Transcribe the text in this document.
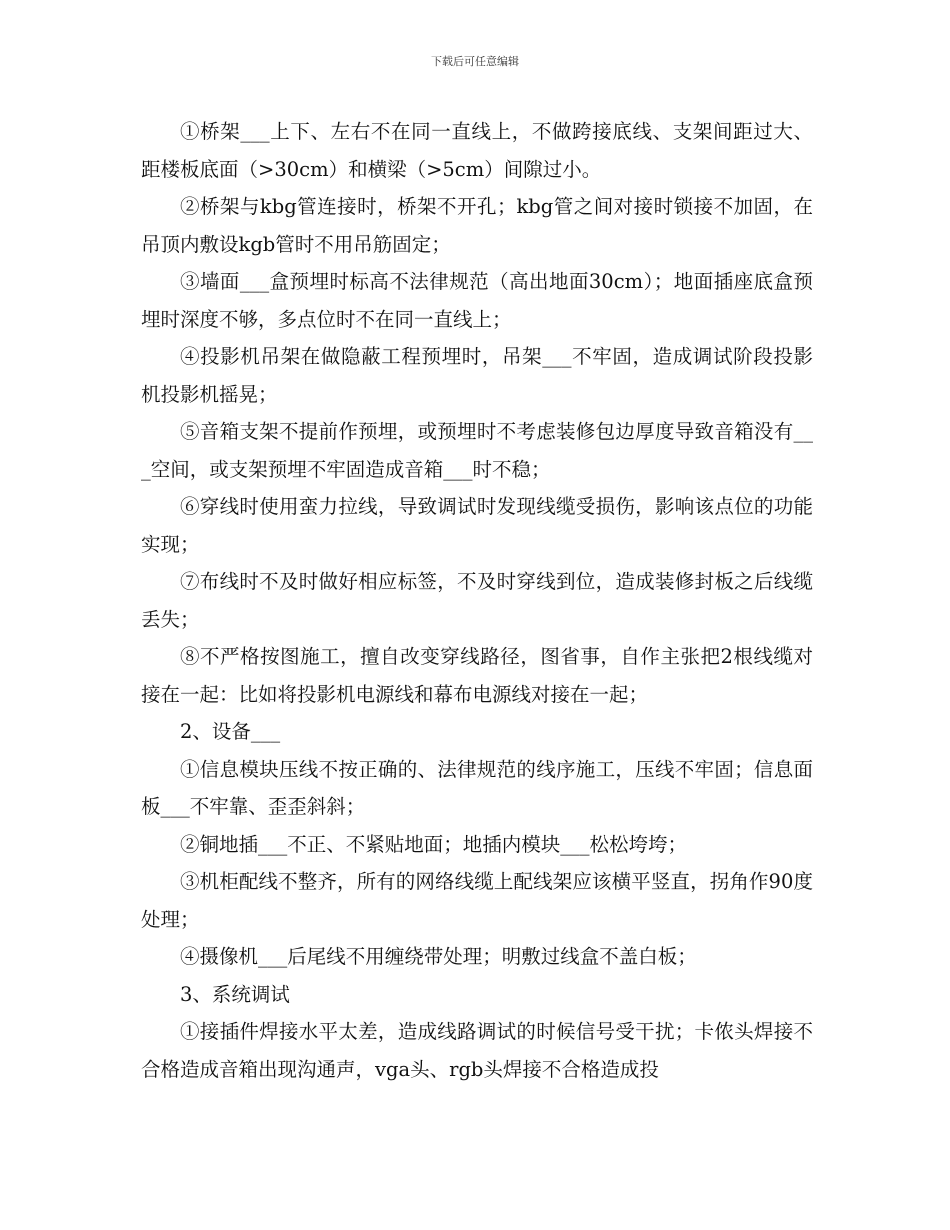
下载后可任意编辑

①桥架___上下、左右不在同一直线上，不做跨接底线、支架间距过大、距楼板底面（>30cm）和横梁（>5cm）间隙过小。

②桥架与kbg管连接时，桥架不开孔；kbg管之间对接时锁接不加固，在吊顶内敷设kgb管时不用吊筋固定；

③墙面___盒预埋时标高不法律规范（高出地面30cm）；地面插座底盒预埋时深度不够，多点位时不在同一直线上；

④投影机吊架在做隐蔽工程预埋时，吊架___不牢固，造成调试阶段投影机投影机摇晃；

⑤音箱支架不提前作预埋，或预埋时不考虑装修包边厚度导致音箱没有___空间，或支架预埋不牢固造成音箱___时不稳；

⑥穿线时使用蛮力拉线，导致调试时发现线缆受损伤，影响该点位的功能实现；

⑦布线时不及时做好相应标签，不及时穿线到位，造成装修封板之后线缆丢失；

⑧不严格按图施工，擅自改变穿线路径，图省事，自作主张把2根线缆对接在一起：比如将投影机电源线和幕布电源线对接在一起；

2、设备___

①信息模块压线不按正确的、法律规范的线序施工，压线不牢固；信息面板___不牢靠、歪歪斜斜；

②铜地插___不正、不紧贴地面；地插内模块___松松垮垮；

③机柜配线不整齐，所有的网络线缆上配线架应该横平竖直，拐角作90度处理；

④摄像机___后尾线不用缠绕带处理；明敷过线盒不盖白板；

3、系统调试

①接插件焊接水平太差，造成线路调试的时候信号受干扰；卡侬头焊接不合格造成音箱出现沟通声，vga头、rgb头焊接不合格造成投
